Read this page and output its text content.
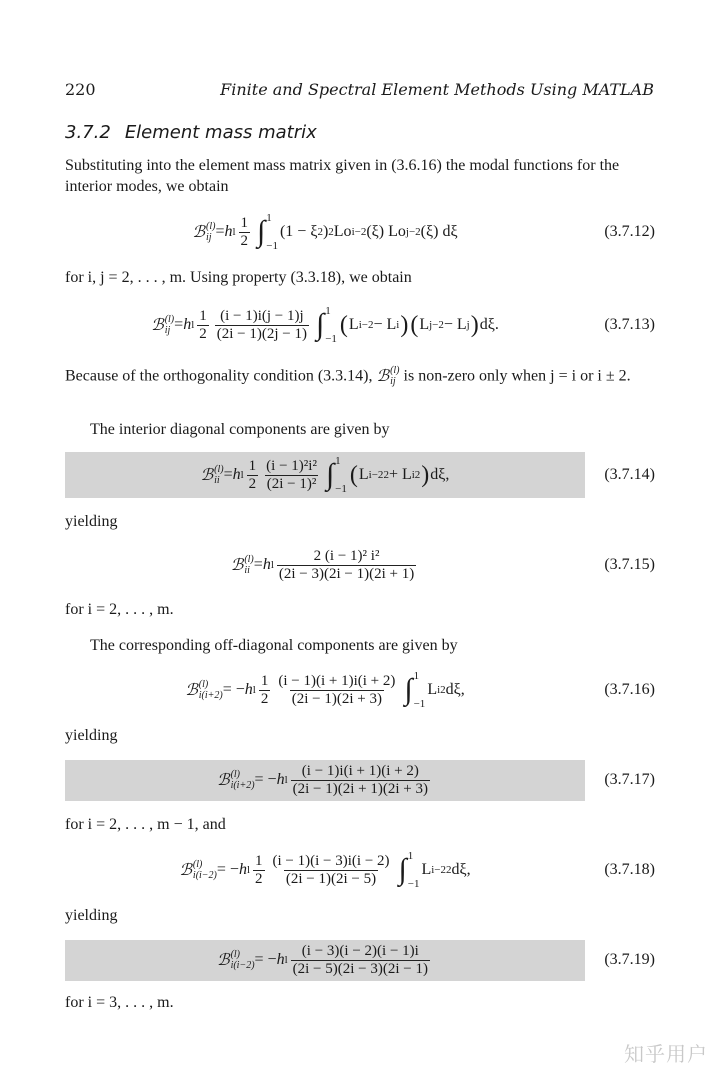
220	Finite and Spectral Element Methods Using MATLAB
3.7.2 Element mass matrix
Substituting into the element mass matrix given in (3.6.16) the modal functions for the interior modes, we obtain
ℬ (l)
ij = h l $\frac{1}{2}$ ∫ 1
−1
(1 − ξ 2 ) 2 Lo i−2 (ξ) Lo j−2 (ξ) dξ	(3.7.12)
for i, j = 2, . . . , m. Using property (3.3.18), we obtain
ℬ (l)
ij = h l $\frac{1}{2} \frac{(i - 1)i(j - 1)j}{(2i - 1)(2j - 1)}$ ∫ 1
−1
( L i−2 − L i ) ( L j−2 − L j ) dξ.	(3.7.13)
Because of the orthogonality condition (3.3.14), ℬ (l)
ij is non-zero only when j = i or i ± 2.
The interior diagonal components are given by
ℬ (l)
ii = h l $\frac{1}{2} \frac{\text{(i − 1)²i²}}{\text{(2i − 1)²}}$ ∫ 1
−1
( L i−2 2 + L i 2 ) dξ,	(3.7.14)
yielding
ℬ (l)
ii = h l $\frac{\text{2 (i − 1)² i²}}{(2i - 3)(2i - 1)(2i + 1)}$	(3.7.15)
for i = 2, . . . , m.
The corresponding off-diagonal components are given by
ℬ (l)
i(i+2) = − h l $\frac{1}{2} \frac{(i - 1)(i + 1)i(i + 2)}{(2i - 1)(2i + 3)}$ ∫ 1
−1
L i 2 dξ,	(3.7.16)
yielding
ℬ (l)
i(i+2) = − h l $\frac{(i - 1)i(i + 1)(i + 2)}{(2i - 1)(2i + 1)(2i + 3)}$	(3.7.17)
for i = 2, . . . , m − 1, and
ℬ (l)
i(i−2) = − h l $\frac{1}{2} \frac{(i - 1)(i - 3)i(i - 2)}{(2i - 1)(2i - 5)}$ ∫ 1
−1
L i−2 2 dξ,	(3.7.18)
yielding
ℬ (l)
i(i−2) = − h l $\frac{(i - 3)(i - 2)(i - 1)i}{(2i - 5)(2i - 3)(2i - 1)}$	(3.7.19)
for i = 3, . . . , m.
知乎用户
